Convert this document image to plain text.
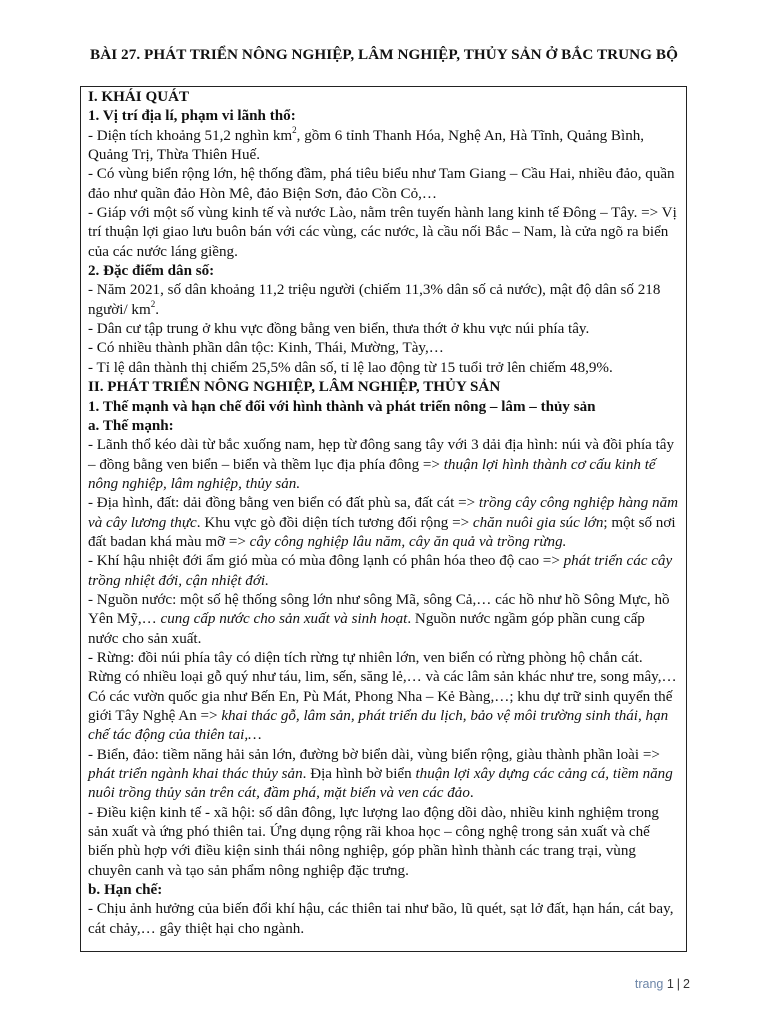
BÀI 27. PHÁT TRIỂN NÔNG NGHIỆP, LÂM NGHIỆP, THỦY SẢN Ở BẮC TRUNG BỘ

I. KHÁI QUÁT

1. Vị trí địa lí, phạm vi lãnh thổ:

- Diện tích khoảng 51,2 nghìn $km^2$, gồm 6 tỉnh Thanh Hóa, Nghệ An, Hà Tĩnh, Quảng Bình, Quảng Trị, Thừa Thiên Huế.

- Có vùng biển rộng lớn, hệ thống đầm, phá tiêu biểu như Tam Giang – Cầu Hai, nhiều đảo, quần đảo như quần đảo Hòn Mê, đảo Biện Sơn, đảo Cồn Cỏ,…

- Giáp với một số vùng kinh tế và nước Lào, nằm trên tuyến hành lang kinh tế Đông – Tây. => Vị trí thuận lợi giao lưu buôn bán với các vùng, các nước, là cầu nối Bắc – Nam, là cửa ngõ ra biển của các nước láng giềng.

2. Đặc điểm dân số:

- Năm 2021, số dân khoảng 11,2 triệu người (chiếm 11,3% dân số cả nước), mật độ dân số 218 người/ $km^2$.

- Dân cư tập trung ở khu vực đồng bằng ven biển, thưa thớt ở khu vực núi phía tây.

- Có nhiều thành phần dân tộc: Kinh, Thái, Mường, Tày,…

- Tỉ lệ dân thành thị chiếm 25,5% dân số, tỉ lệ lao động từ 15 tuổi trở lên chiếm 48,9%.

II. PHÁT TRIỂN NÔNG NGHIỆP, LÂM NGHIỆP, THỦY SẢN

1. Thế mạnh và hạn chế đối với hình thành và phát triển nông – lâm – thủy sản

a. Thế mạnh:

- Lãnh thổ kéo dài từ bắc xuống nam, hẹp từ đông sang tây với 3 dải địa hình: núi và đồi phía tây – đồng bằng ven biển – biển và thềm lục địa phía đông => thuận lợi hình thành cơ cấu kinh tế nông nghiệp, lâm nghiệp, thủy sản.

- Địa hình, đất: dải đồng bằng ven biển có đất phù sa, đất cát => trồng cây công nghiệp hàng năm và cây lương thực. Khu vực gò đồi diện tích tương đối rộng => chăn nuôi gia súc lớn; một số nơi đất badan khá màu mỡ => cây công nghiệp lâu năm, cây ăn quả và trồng rừng.

- Khí hậu nhiệt đới ẩm gió mùa có mùa đông lạnh có phân hóa theo độ cao => phát triển các cây trồng nhiệt đới, cận nhiệt đới.

- Nguồn nước: một số hệ thống sông lớn như sông Mã, sông Cả,… các hồ như hồ Sông Mực, hồ Yên Mỹ,… cung cấp nước cho sản xuất và sinh hoạt. Nguồn nước ngầm góp phần cung cấp nước cho sản xuất.

- Rừng: đồi núi phía tây có diện tích rừng tự nhiên lớn, ven biển có rừng phòng hộ chắn cát. Rừng có nhiều loại gỗ quý như táu, lim, sến, săng lẻ,… và các lâm sản khác như tre, song mây,… Có các vườn quốc gia như Bến En, Pù Mát, Phong Nha – Kẻ Bàng,…; khu dự trữ sinh quyển thế giới Tây Nghệ An => khai thác gỗ, lâm sản, phát triển du lịch, bảo vệ môi trường sinh thái, hạn chế tác động của thiên tai,…

- Biển, đảo: tiềm năng hải sản lớn, đường bờ biển dài, vùng biển rộng, giàu thành phần loài => phát triển ngành khai thác thủy sản. Địa hình bờ biển thuận lợi xây dựng các cảng cá, tiềm năng nuôi trồng thủy sản trên cát, đầm phá, mặt biển và ven các đảo.

- Điều kiện kinh tế - xã hội: số dân đông, lực lượng lao động dồi dào, nhiều kinh nghiệm trong sản xuất và ứng phó thiên tai. Ứng dụng rộng rãi khoa học – công nghệ trong sản xuất và chế biến phù hợp với điều kiện sinh thái nông nghiệp, góp phần hình thành các trang trại, vùng chuyên canh và tạo sản phẩm nông nghiệp đặc trưng.

b. Hạn chế:

- Chịu ảnh hưởng của biến đổi khí hậu, các thiên tai như bão, lũ quét, sạt lở đất, hạn hán, cát bay, cát chảy,… gây thiệt hại cho ngành.

trang 1 | 2
